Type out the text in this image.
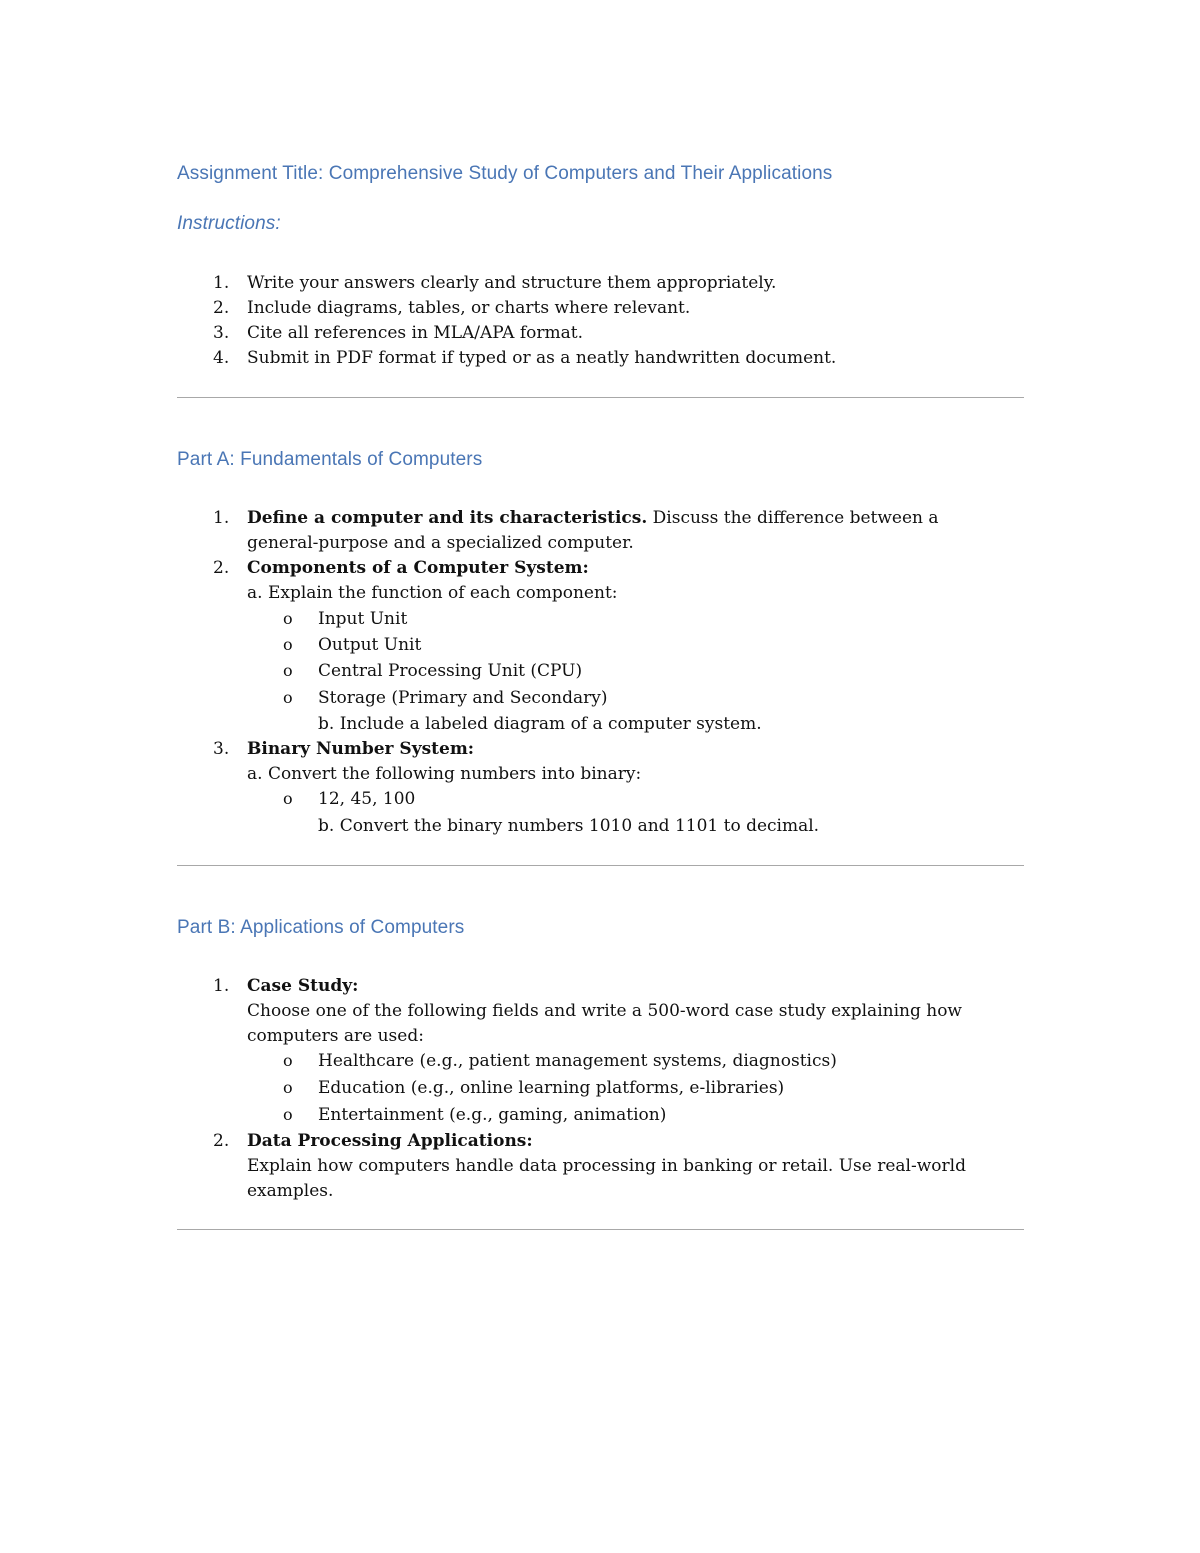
Assignment Title: Comprehensive Study of Computers and Their Applications
Instructions:
1. Write your answers clearly and structure them appropriately.
2. Include diagrams, tables, or charts where relevant.
3. Cite all references in MLA/APA format.
4. Submit in PDF format if typed or as a neatly handwritten document.
Part A: Fundamentals of Computers
1. Define a computer and its characteristics. Discuss the difference between a
general-purpose and a specialized computer.
2. Components of a Computer System:
a. Explain the function of each component:
o Input Unit
o Output Unit
o Central Processing Unit (CPU)
o Storage (Primary and Secondary)
b. Include a labeled diagram of a computer system.
3. Binary Number System:
a. Convert the following numbers into binary:
o 12, 45, 100
b. Convert the binary numbers 1010 and 1101 to decimal.
Part B: Applications of Computers
1. Case Study:
Choose one of the following fields and write a 500-word case study explaining how
computers are used:
o Healthcare (e.g., patient management systems, diagnostics)
o Education (e.g., online learning platforms, e-libraries)
o Entertainment (e.g., gaming, animation)
2. Data Processing Applications:
Explain how computers handle data processing in banking or retail. Use real-world
examples.
